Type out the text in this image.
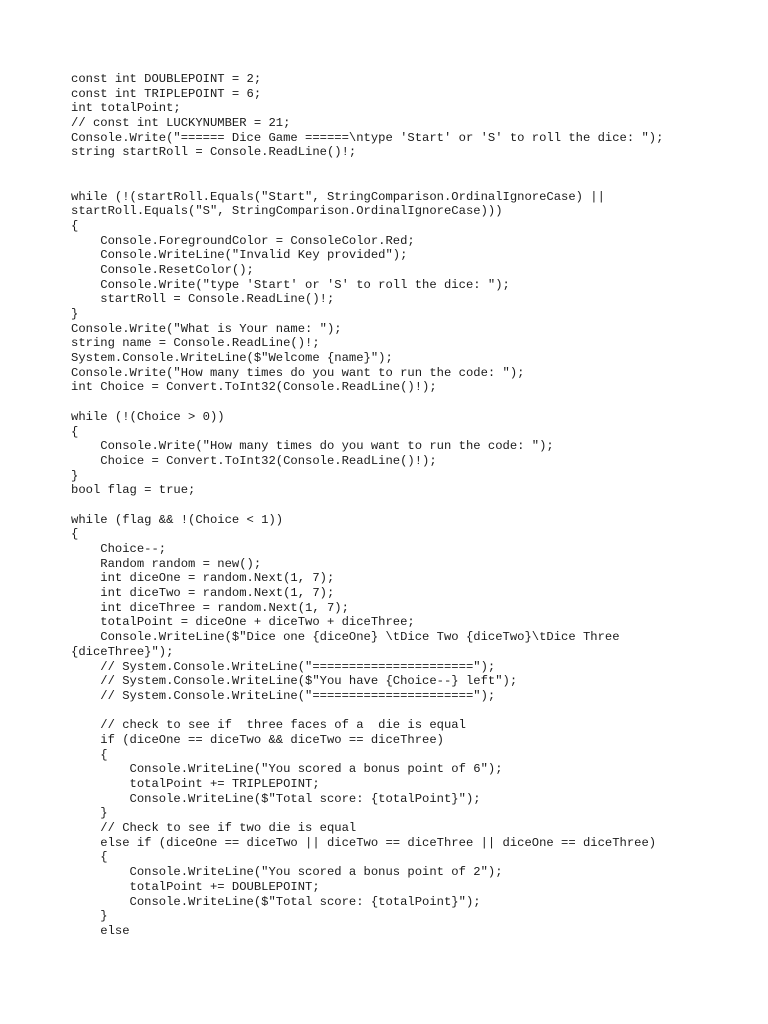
const int DOUBLEPOINT = 2;
const int TRIPLEPOINT = 6;
int totalPoint;
// const int LUCKYNUMBER = 21;
Console.Write("====== Dice Game ======\ntype 'Start' or 'S' to roll the dice: ");
string startRoll = Console.ReadLine()!;
while (!(startRoll.Equals("Start", StringComparison.OrdinalIgnoreCase) ||
startRoll.Equals("S", StringComparison.OrdinalIgnoreCase)))
{
Console.ForegroundColor = ConsoleColor.Red;
Console.WriteLine("Invalid Key provided");
Console.ResetColor();
Console.Write("type 'Start' or 'S' to roll the dice: ");
startRoll = Console.ReadLine()!;
}
Console.Write("What is Your name: ");
string name = Console.ReadLine()!;
System.Console.WriteLine($"Welcome {name}");
Console.Write("How many times do you want to run the code: ");
int Choice = Convert.ToInt32(Console.ReadLine()!);
while (!(Choice > 0))
{
Console.Write("How many times do you want to run the code: ");
Choice = Convert.ToInt32(Console.ReadLine()!);
}
bool flag = true;
while (flag && !(Choice < 1))
{
Choice--;
Random random = new();
int diceOne = random.Next(1, 7);
int diceTwo = random.Next(1, 7);
int diceThree = random.Next(1, 7);
totalPoint = diceOne + diceTwo + diceThree;
Console.WriteLine($"Dice one {diceOne} \tDice Two {diceTwo}\tDice Three
{diceThree}");
// System.Console.WriteLine("======================");
// System.Console.WriteLine($"You have {Choice--} left");
// System.Console.WriteLine("======================");
// check to see if  three faces of a  die is equal
if (diceOne == diceTwo && diceTwo == diceThree)
{
Console.WriteLine("You scored a bonus point of 6");
totalPoint += TRIPLEPOINT;
Console.WriteLine($"Total score: {totalPoint}");
}
// Check to see if two die is equal
else if (diceOne == diceTwo || diceTwo == diceThree || diceOne == diceThree)
{
Console.WriteLine("You scored a bonus point of 2");
totalPoint += DOUBLEPOINT;
Console.WriteLine($"Total score: {totalPoint}");
}
else
